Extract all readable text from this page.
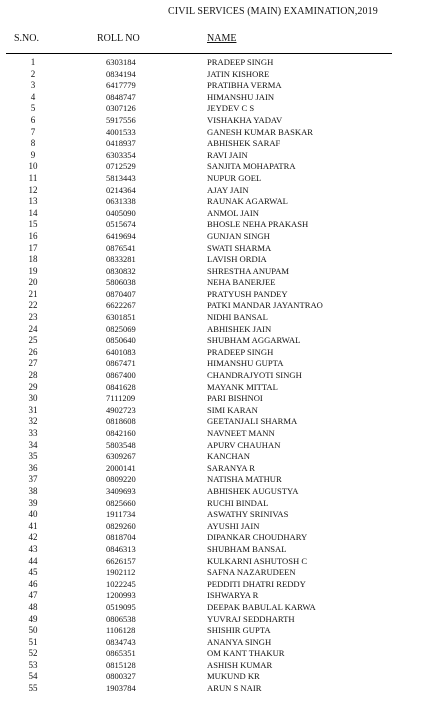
CIVIL SERVICES (MAIN) EXAMINATION,2019
S.NO.	ROLL NO	NAME
1	6303184	PRADEEP SINGH
2	0834194	JATIN KISHORE
3	6417779	PRATIBHA VERMA
4	0848747	HIMANSHU JAIN
5	0307126	JEYDEV C S
6	5917556	VISHAKHA YADAV
7	4001533	GANESH KUMAR BASKAR
8	0418937	ABHISHEK SARAF
9	6303354	RAVI JAIN
10	0712529	SANJITA MOHAPATRA
11	5813443	NUPUR GOEL
12	0214364	AJAY JAIN
13	0631338	RAUNAK AGARWAL
14	0405090	ANMOL JAIN
15	0515674	BHOSLE NEHA PRAKASH
16	6419694	GUNJAN SINGH
17	0876541	SWATI SHARMA
18	0833281	LAVISH ORDIA
19	0830832	SHRESTHA ANUPAM
20	5806038	NEHA BANERJEE
21	0870407	PRATYUSH PANDEY
22	6622267	PATKI MANDAR JAYANTRAO
23	6301851	NIDHI BANSAL
24	0825069	ABHISHEK JAIN
25	0850640	SHUBHAM AGGARWAL
26	6401083	PRADEEP SINGH
27	0867471	HIMANSHU GUPTA
28	0867400	CHANDRAJYOTI SINGH
29	0841628	MAYANK MITTAL
30	7111209	PARI BISHNOI
31	4902723	SIMI KARAN
32	0818608	GEETANJALI SHARMA
33	0842160	NAVNEET MANN
34	5803548	APURV CHAUHAN
35	6309267	KANCHAN
36	2000141	SARANYA R
37	0809220	NATISHA MATHUR
38	3409693	ABHISHEK AUGUSTYA
39	0825660	RUCHI BINDAL
40	1911734	ASWATHY SRINIVAS
41	0829260	AYUSHI JAIN
42	0818704	DIPANKAR CHOUDHARY
43	0846313	SHUBHAM BANSAL
44	6626157	KULKARNI ASHUTOSH C
45	1902112	SAFNA NAZARUDEEN
46	1022245	PEDDITI DHATRI REDDY
47	1200993	ISHWARYA R
48	0519095	DEEPAK BABULAL KARWA
49	0806538	YUVRAJ SEDDHARTH
50	1106128	SHISHIR GUPTA
51	0834743	ANANYA SINGH
52	0865351	OM KANT THAKUR
53	0815128	ASHISH KUMAR
54	0800327	MUKUND KR
55	1903784	ARUN S NAIR
